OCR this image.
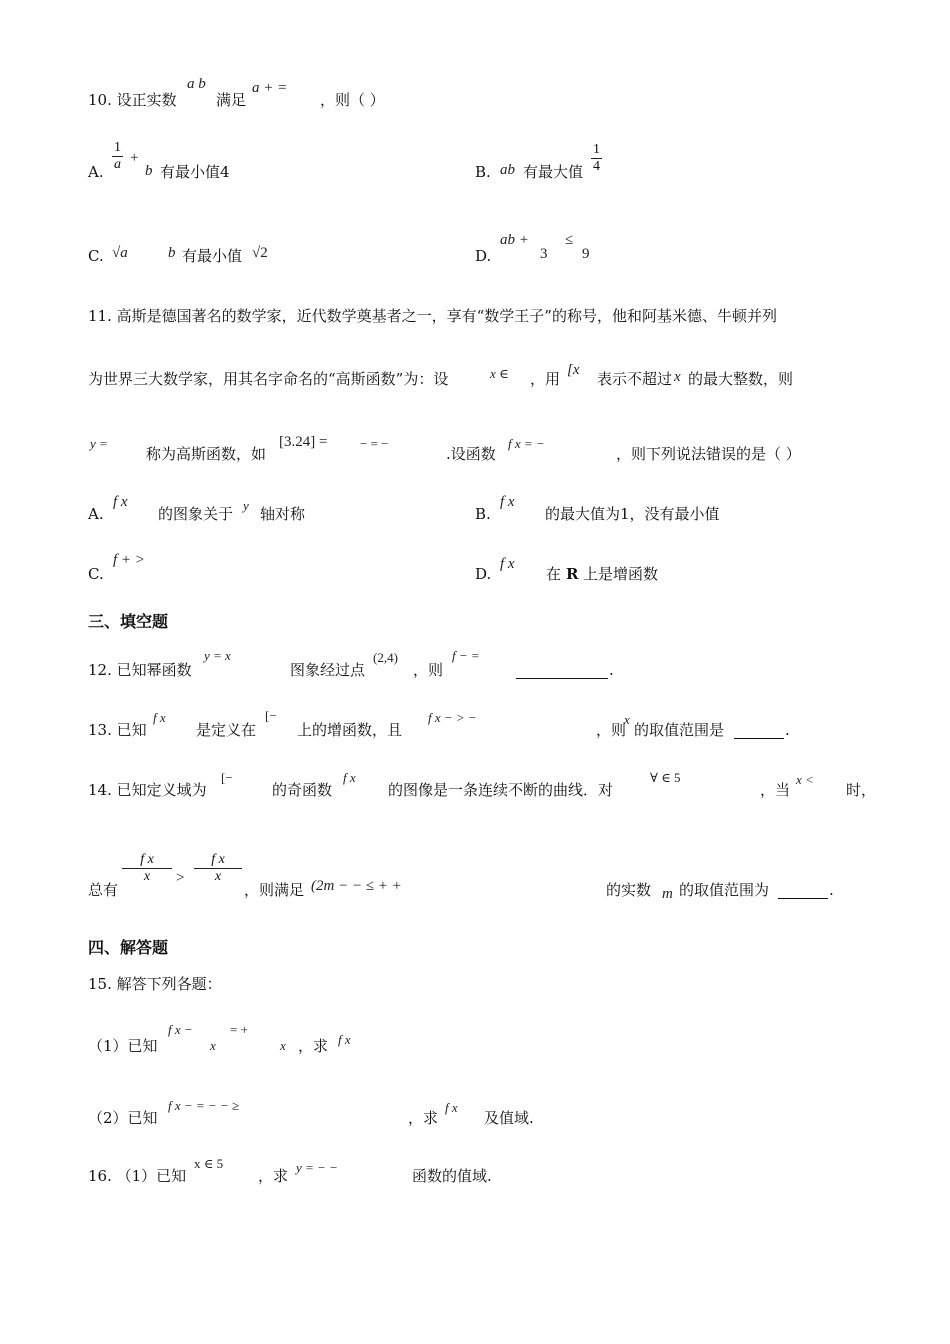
10. 设正实数
a b
满足
a + =
，则（ ）
A. $\frac{1}{a}$ +
b 有最小值4	B. ab 有最大值 $\frac{1}{4}$
C. √a	b 有最小值 √2	D.
ab +
3
≤
9
11. 高斯是德国著名的数学家，近代数学奠基者之一，享有“数学王子”的称号，他和阿基米德、牛顿并列
为世界三大数学家，用其名字命名的“高斯函数”为：设	x ∈ ，用 [x 表示不超过 x 的最大整数，则
y =
称为高斯函数，如
[3.24] =	− = −
.设函数
f x = −
，则下列说法错误的是（ ）
A.
f x
的图象关于 y 轴对称	B.
f x
的最大值为1，没有最小值
C.
f + >
D.
f x
在 R 上是增函数
三、填空题
12. 已知幂函数
y = x
图象经过点
(2,4)
，则
f − =
.
13. 已知
f x
是定义在
[−
上的增函数，且
f x − > −
，则
x
的取值范围是	.
14. 已知定义域为
[−
的奇函数
f x
的图像是一条连续不断的曲线．对
∀ ∈ 5
，当
x <
时，
总有
$\frac{\text{f x}}{x} > \frac{\text{f x}}{x}$
，则满足 (2m − − ≤ + +	的实数 m 的取值范围为	.
四、解答题
15. 解答下列各题：
（1）已知
f x −
x
= +
x ，求 f x
（2）已知
f x − = − − ≥
，求
f x
及值域.
16. （1）已知
x ∈ 5
，求 y = − −	函数的值域.
